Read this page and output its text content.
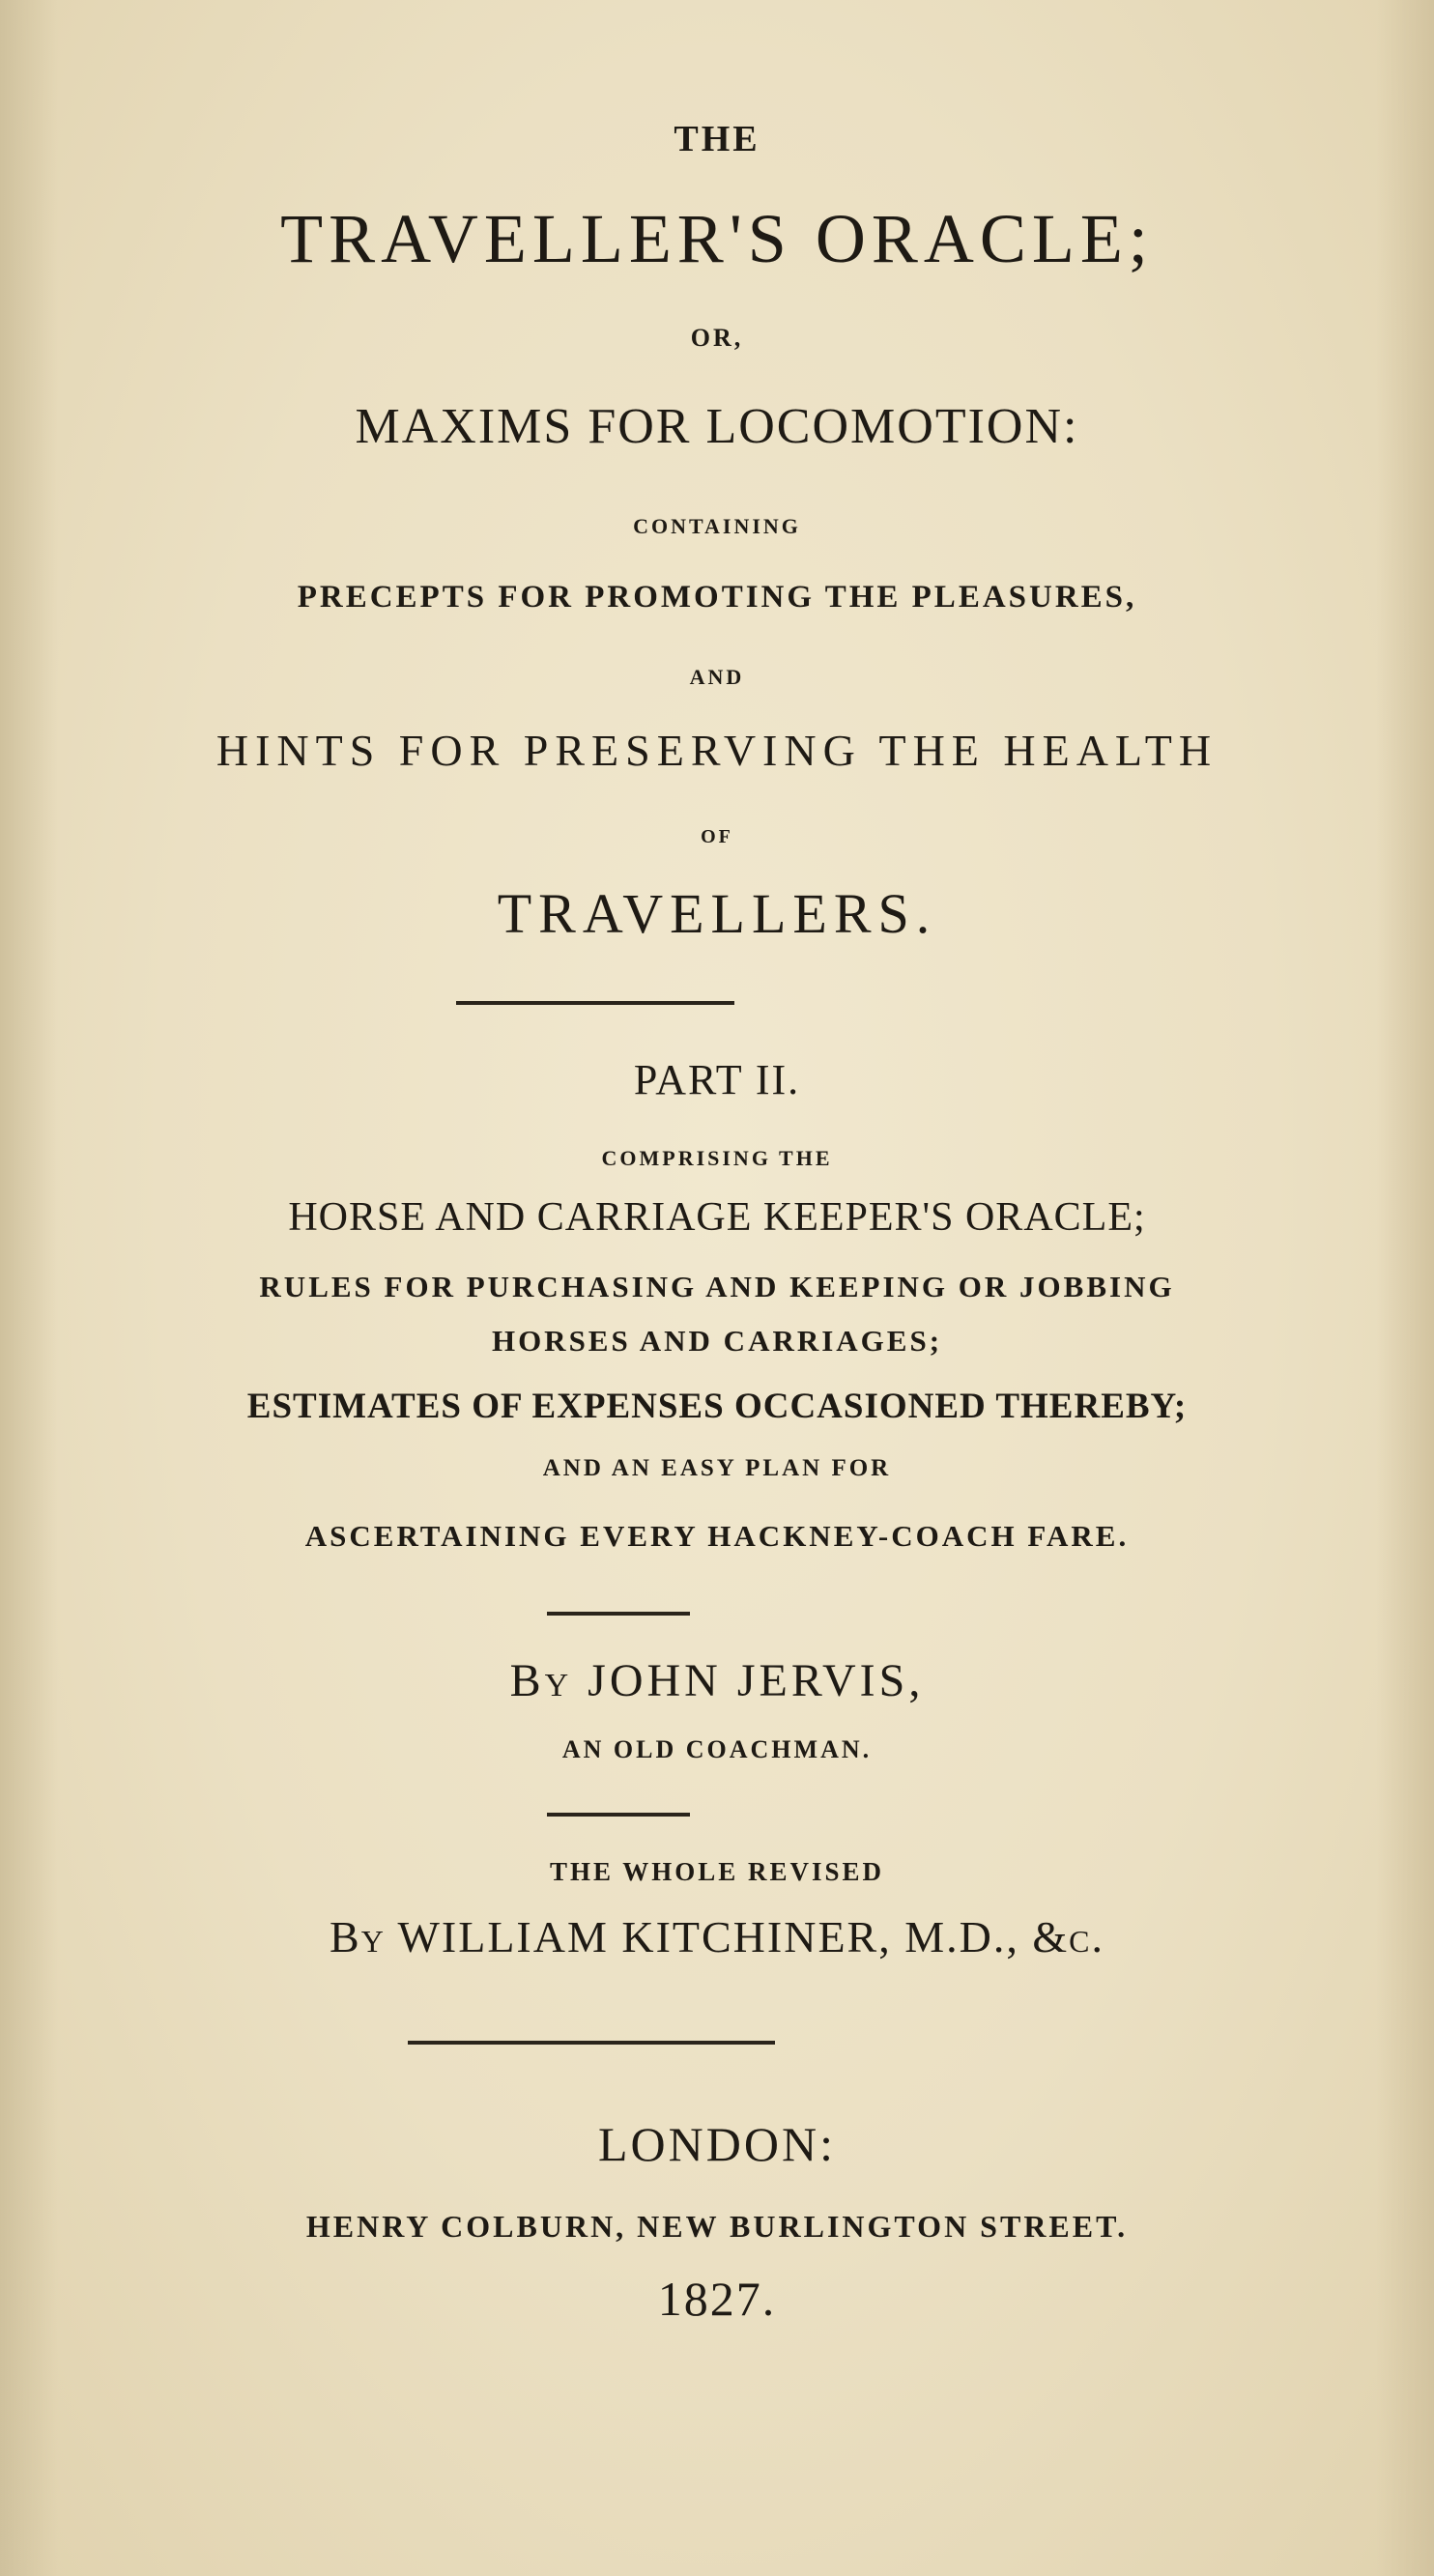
THE
TRAVELLER'S ORACLE;
OR,
MAXIMS FOR LOCOMOTION:
CONTAINING
PRECEPTS FOR PROMOTING THE PLEASURES,
AND
HINTS FOR PRESERVING THE HEALTH
OF
TRAVELLERS.
PART II.
COMPRISING THE
HORSE AND CARRIAGE KEEPER'S ORACLE;
RULES FOR PURCHASING AND KEEPING OR JOBBING
HORSES AND CARRIAGES;
ESTIMATES OF EXPENSES OCCASIONED THEREBY;
AND AN EASY PLAN FOR
ASCERTAINING EVERY HACKNEY-COACH FARE.
By JOHN JERVIS,
AN OLD COACHMAN.
THE WHOLE REVISED
By WILLIAM KITCHINER, M.D., &c.
LONDON:
HENRY COLBURN, NEW BURLINGTON STREET.
1827.
